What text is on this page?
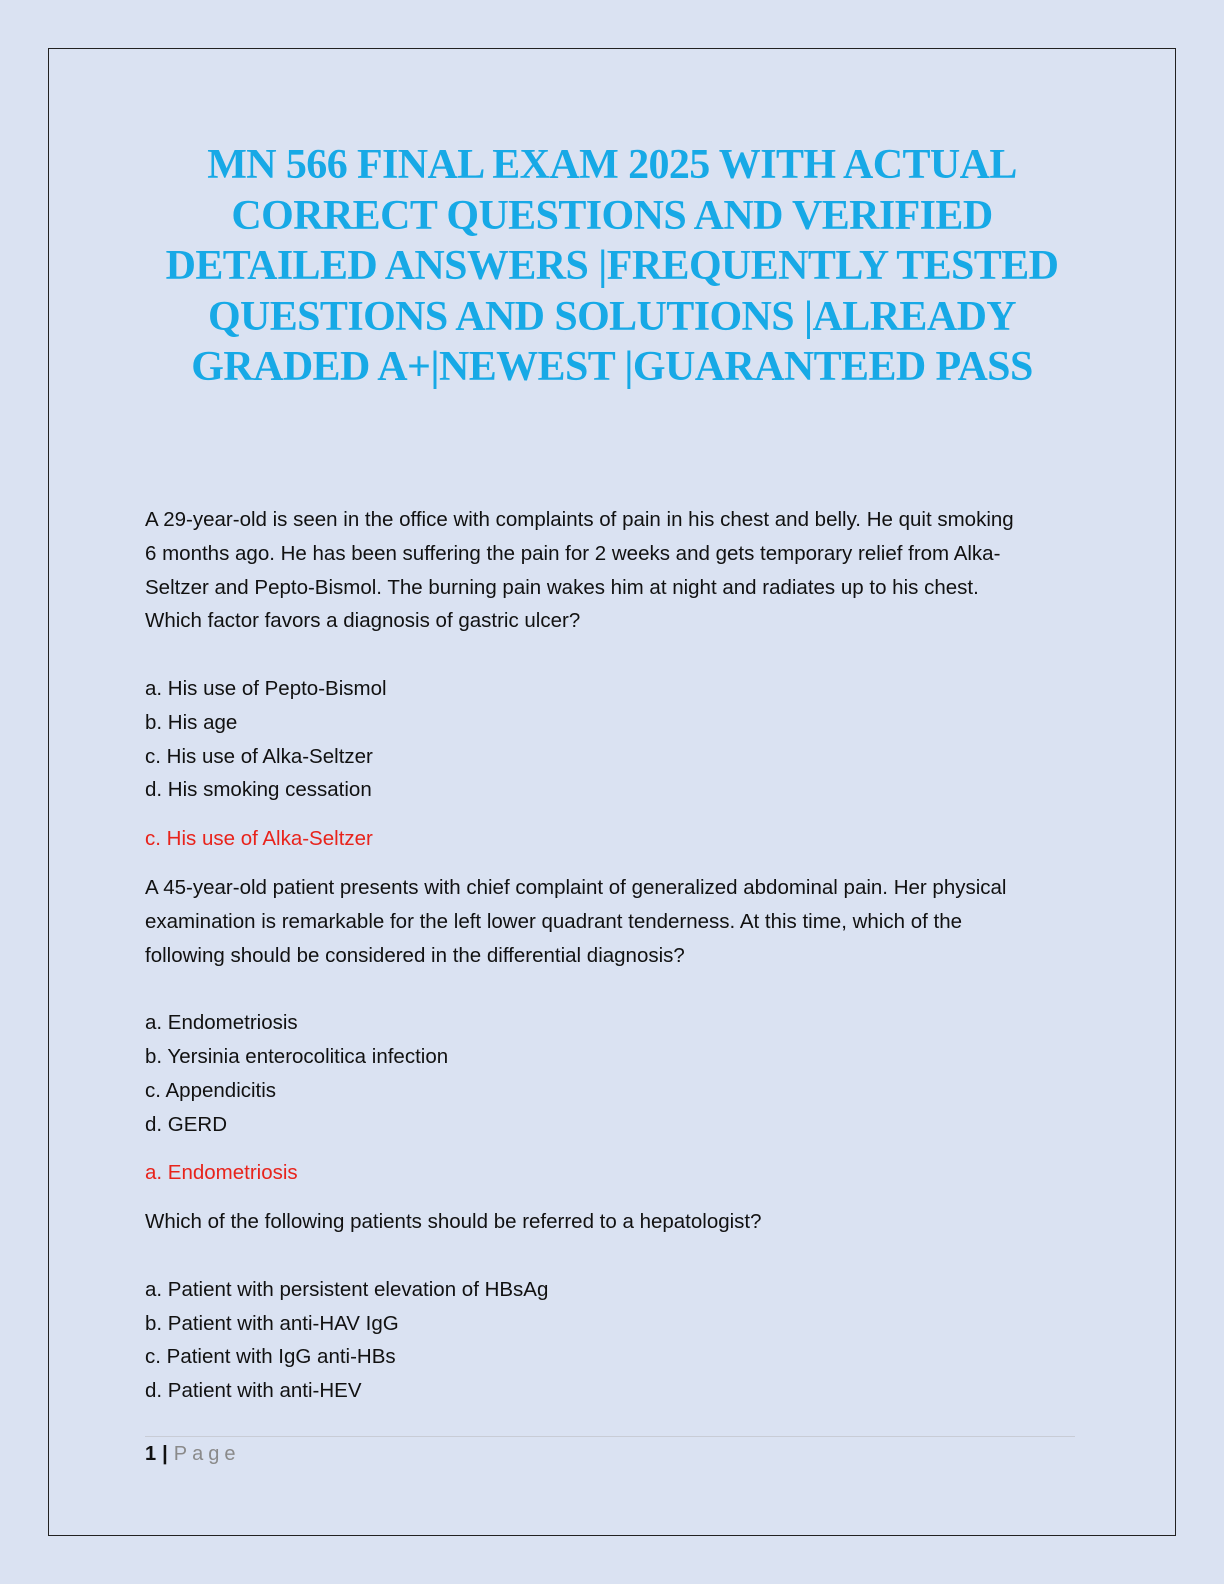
MN 566 FINAL EXAM 2025 WITH ACTUAL
CORRECT QUESTIONS AND VERIFIED
DETAILED ANSWERS |FREQUENTLY TESTED
QUESTIONS AND SOLUTIONS |ALREADY
GRADED A+|NEWEST |GUARANTEED PASS

A 29-year-old is seen in the office with complaints of pain in his chest and belly. He quit smoking
6 months ago. He has been suffering the pain for 2 weeks and gets temporary relief from Alka-
Seltzer and Pepto-Bismol. The burning pain wakes him at night and radiates up to his chest.
Which factor favors a diagnosis of gastric ulcer?

a. His use of Pepto-Bismol
b. His age
c. His use of Alka-Seltzer
d. His smoking cessation

c. His use of Alka-Seltzer

A 45-year-old patient presents with chief complaint of generalized abdominal pain. Her physical
examination is remarkable for the left lower quadrant tenderness. At this time, which of the
following should be considered in the differential diagnosis?

a. Endometriosis
b. Yersinia enterocolitica infection
c. Appendicitis
d. GERD

a. Endometriosis

Which of the following patients should be referred to a hepatologist?

a. Patient with persistent elevation of HBsAg
b. Patient with anti-HAV IgG
c. Patient with IgG anti-HBs
d. Patient with anti-HEV

1 | Page
